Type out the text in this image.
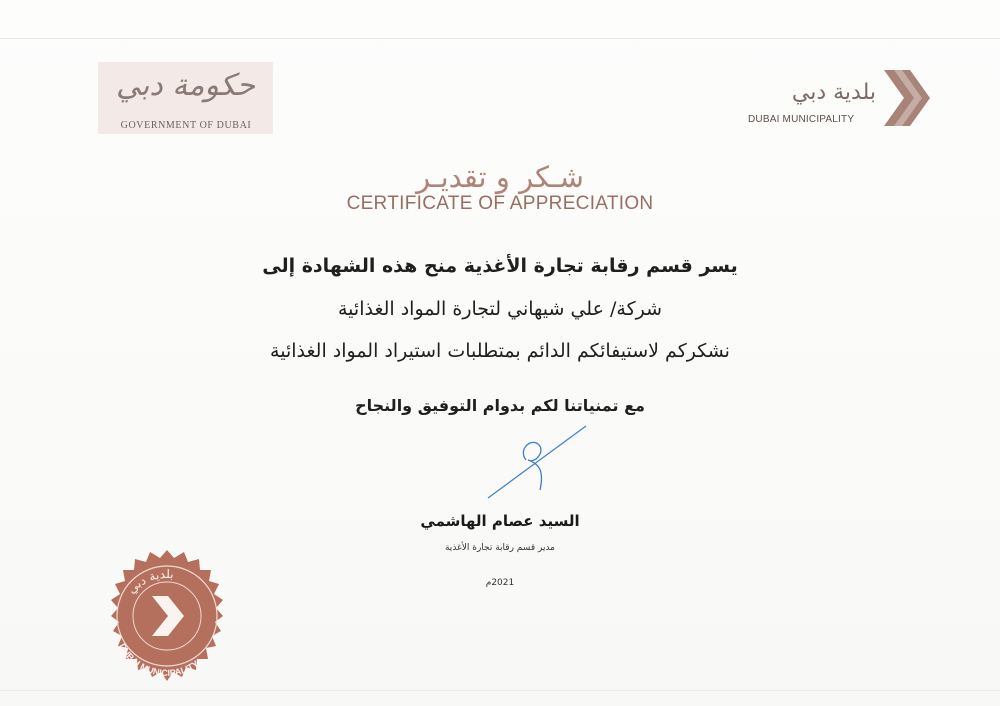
حكومة دبي
GOVERNMENT OF DUBAI
بلدية دبي
DUBAI MUNICIPALITY
شـكر و تقديـر
CERTIFICATE OF APPRECIATION
يسر قسم رقابة تجارة الأغذية منح هذه الشهادة إلى
شركة/ علي شيهاني لتجارة المواد الغذائية
نشكركم لاستيفائكم الدائم بمتطلبات استيراد المواد الغذائية
مع تمنياتنا لكم بدوام التوفيق والنجاح
السيد عصام الهاشمي
مدير قسم رقابة تجارة الأغذية
2021م
بلدية دبي
DUBAI MUNICIPALITY
